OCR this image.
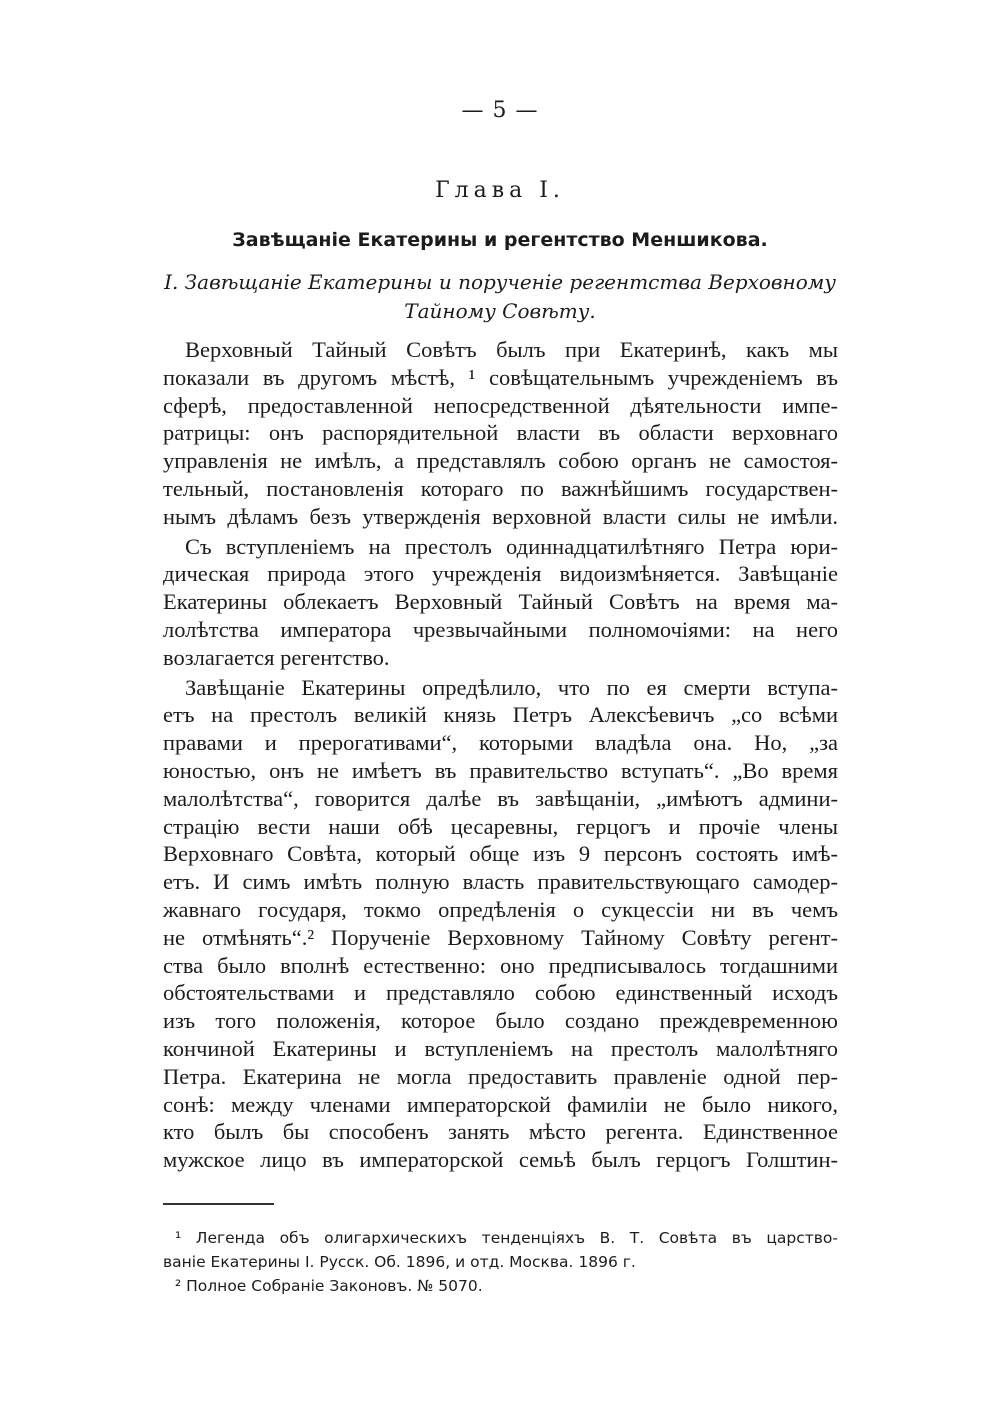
— 5 —
Глава I.
Завѣщаніе Екатерины и регентство Меншикова.
I. Завѣщаніе Екатерины и порученіе регентства Верховному
Тайному Совѣту.
Верховный Тайный Совѣтъ былъ при Екатеринѣ, какъ мы
показали въ другомъ мѣстѣ, ¹ совѣщательнымъ учрежденіемъ въ
сферѣ, предоставленной непосредственной дѣятельности импе-
ратрицы: онъ распорядительной власти въ области верховнаго
управленія не имѣлъ, а представлялъ собою органъ не самостоя-
тельный, постановленія котораго по важнѣйшимъ государствен-
нымъ дѣламъ безъ утвержденія верховной власти силы не имѣли.
Съ вступленіемъ на престолъ одиннадцатилѣтняго Петра юри-
дическая природа этого учрежденія видоизмѣняется. Завѣщаніе
Екатерины облекаетъ Верховный Тайный Совѣтъ на время ма-
лолѣтства императора чрезвычайными полномочіями: на него
возлагается регентство.
Завѣщаніе Екатерины опредѣлило, что по ея смерти вступа-
етъ на престолъ великій князь Петръ Алексѣевичъ „со всѣми
правами и прерогативами“, которыми владѣла она. Но, „за
юностью, онъ не имѣетъ въ правительство вступать“. „Во время
малолѣтства“, говорится далѣе въ завѣщаніи, „имѣютъ админи-
страцію вести наши обѣ цесаревны, герцогъ и прочіе члены
Верховнаго Совѣта, который обще изъ 9 персонъ состоять имѣ-
етъ. И симъ имѣть полную власть правительствующаго самодер-
жавнаго государя, токмо опредѣленія о сукцессіи ни въ чемъ
не отмѣнять“.² Порученіе Верховному Тайному Совѣту регент-
ства было вполнѣ естественно: оно предписывалось тогдашними
обстоятельствами и представляло собою единственный исходъ
изъ того положенія, которое было создано преждевременною
кончиной Екатерины и вступленіемъ на престолъ малолѣтняго
Петра. Екатерина не могла предоставить правленіе одной пер-
сонѣ: между членами императорской фамиліи не было никого,
кто былъ бы способенъ занять мѣсто регента. Единственное
мужское лицо въ императорской семьѣ былъ герцогъ Голштин-
¹ Легенда объ олигархическихъ тенденціяхъ В. Т. Совѣта въ царство-
ваніе Екатерины I. Русск. Об. 1896, и отд. Москва. 1896 г.
² Полное Собраніе Законовъ. № 5070.
